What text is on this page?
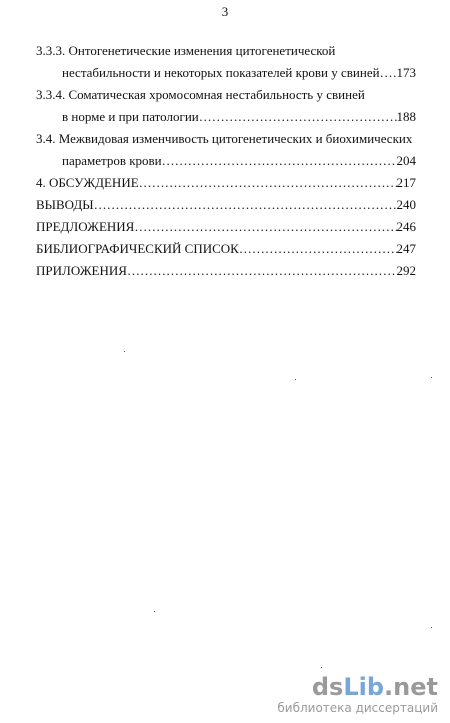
3
3.3.3. Онтогенетические изменения цитогенетической
нестабильности и некоторых показателей крови у свиней …………………………………………………………………………………………………………………… 173
3.3.4. Соматическая хромосомная нестабильность у свиней
в норме и при патологии ……………………………………………………………………………………………………………………	188
3.4. Межвидовая изменчивость цитогенетических и биохимических
параметров крови ……………………………………………………………………………………………………………………	204
4. ОБСУЖДЕНИЕ ……………………………………………………………………………………………………………………	217
ВЫВОДЫ ……………………………………………………………………………………………………………………	240
ПРЕДЛОЖЕНИЯ ……………………………………………………………………………………………………………………	246
БИБЛИОГРАФИЧЕСКИЙ СПИСОК ……………………………………………………………………………………………………………………	247
ПРИЛОЖЕНИЯ ……………………………………………………………………………………………………………………	292
ds Lib .net
библиотека диссертаций
